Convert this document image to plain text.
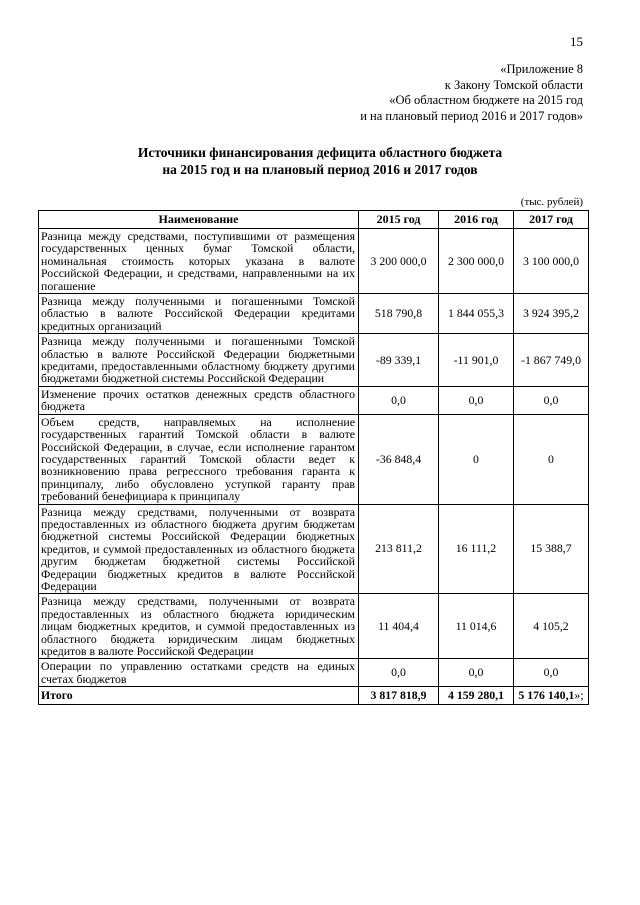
15
«Приложение 8
к Закону Томской области
«Об областном бюджете на 2015 год
и на плановый период 2016 и 2017 годов»
Источники финансирования дефицита областного бюджета
на 2015 год и на плановый период 2016 и 2017 годов
(тыс. рублей)
Наименование	2015 год	2016 год	2017 год
Разница между средствами, поступившими от размещения государственных ценных бумаг Томской области, номинальная стоимость которых указана в валюте Российской Федерации, и средствами, направленными на их погашение	3 200 000,0	2 300 000,0	3 100 000,0
Разница между полученными и погашенными Томской областью в валюте Российской Федерации кредитами кредитных организаций	518 790,8	1 844 055,3	3 924 395,2
Разница между полученными и погашенными Томской областью в валюте Российской Федерации бюджетными кредитами, предоставленными областному бюджету другими бюджетами бюджетной системы Российской Федерации	-89 339,1	-11 901,0	-1 867 749,0
Изменение прочих остатков денежных средств областного бюджета	0,0	0,0	0,0
Объем средств, направляемых на исполнение государственных гарантий Томской области в валюте Российской Федерации, в случае, если исполнение гарантом государственных гарантий Томской области ведет к возникновению права регрессного требования гаранта к принципалу, либо обусловлено уступкой гаранту прав требований бенефициара к принципалу	-36 848,4	0	0
Разница между средствами, полученными от возврата предоставленных из областного бюджета другим бюджетам бюджетной системы Российской Федерации бюджетных кредитов, и суммой предоставленных из областного бюджета другим бюджетам бюджетной системы Российской Федерации бюджетных кредитов в валюте Российской Федерации	213 811,2	16 111,2	15 388,7
Разница между средствами, полученными от возврата предоставленных из областного бюджета юридическим лицам бюджетных кредитов, и суммой предоставленных из областного бюджета юридическим лицам бюджетных кредитов в валюте Российской Федерации	11 404,4	11 014,6	4 105,2
Операции по управлению остатками средств на единых счетах бюджетов	0,0	0,0	0,0
Итого	3 817 818,9	4 159 280,1	5 176 140,1»;
